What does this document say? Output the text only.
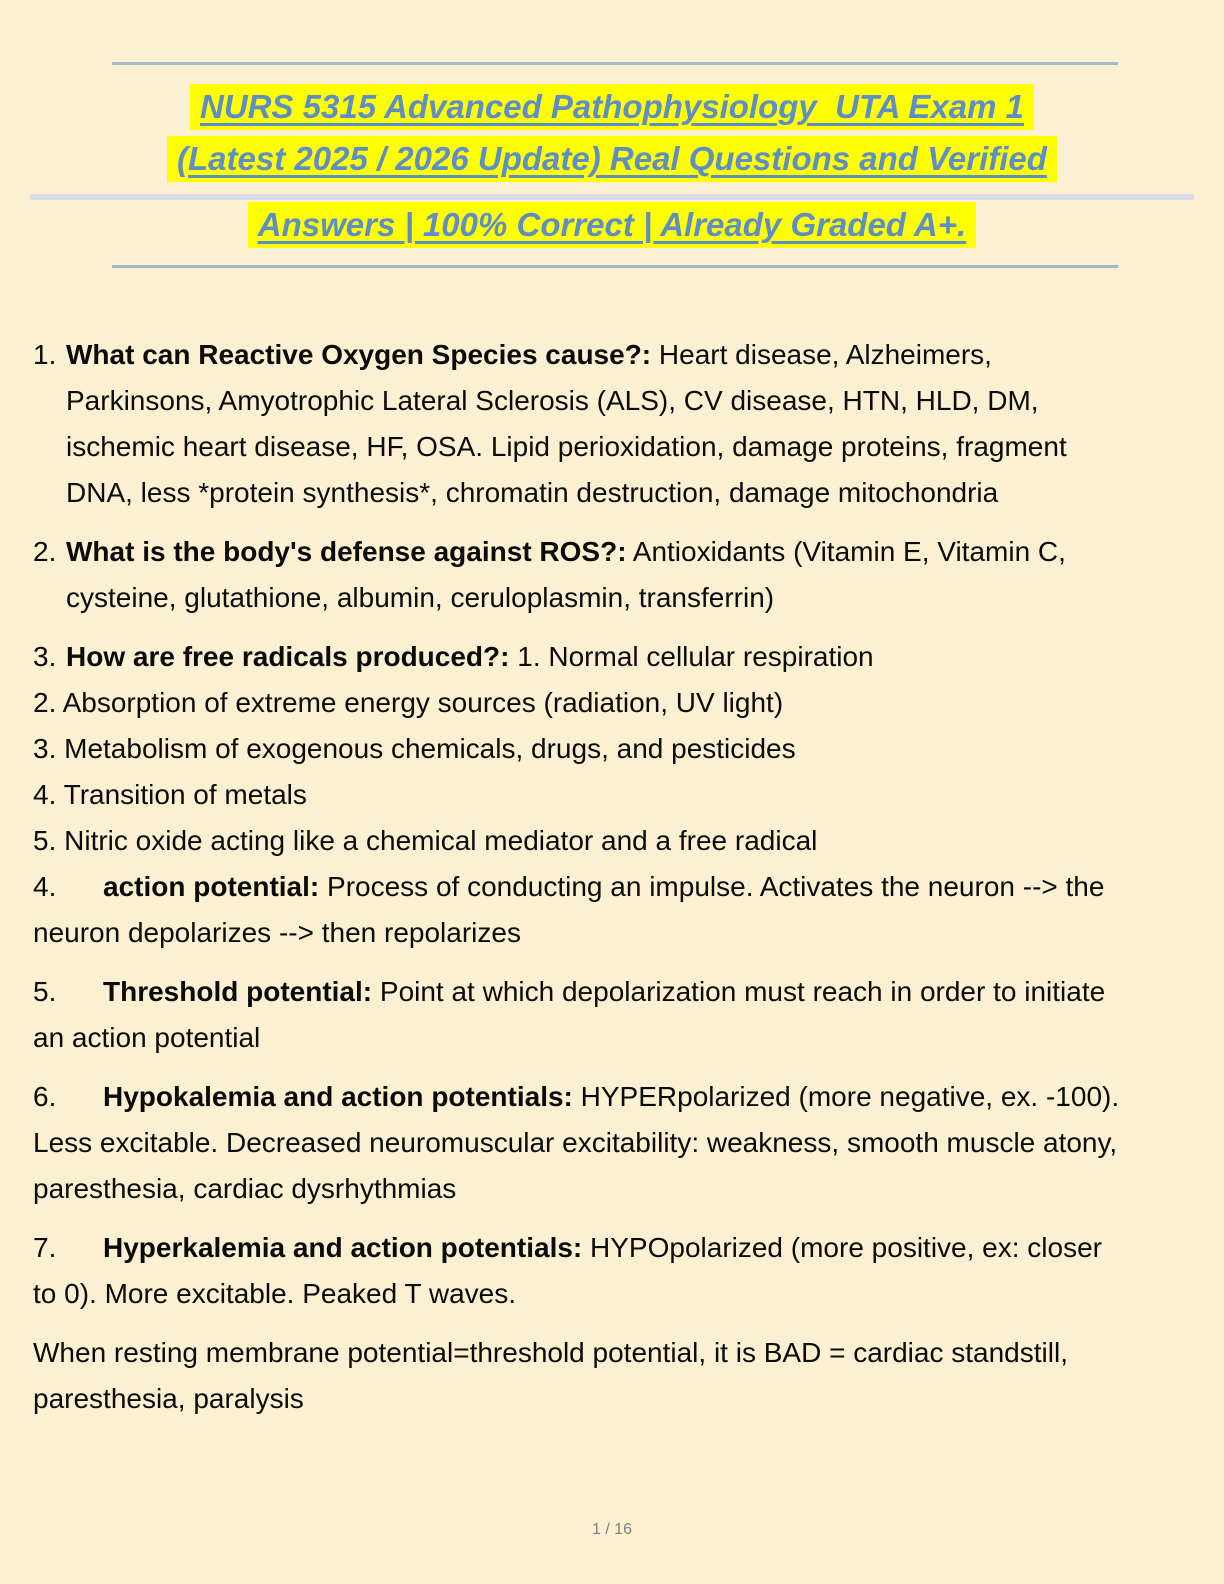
NURS 5315 Advanced Pathophysiology  UTA Exam 1
(Latest 2025 / 2026 Update) Real Questions and Verified
Answers | 100% Correct | Already Graded A+.

1. What can Reactive Oxygen Species cause?: Heart disease, Alzheimers, Parkinsons, Amyotrophic Lateral Sclerosis (ALS), CV disease, HTN, HLD, DM, ischemic heart disease, HF, OSA. Lipid perioxidation, damage proteins, fragment DNA, less *protein synthesis*, chromatin destruction, damage mitochondria

2. What is the body's defense against ROS?: Antioxidants (Vitamin E, Vitamin C, cysteine, glutathione, albumin, ceruloplasmin, transferrin)

3. How are free radicals produced?: 1. Normal cellular respiration

2. Absorption of extreme energy sources (radiation, UV light)

3. Metabolism of exogenous chemicals, drugs, and pesticides

4. Transition of metals

5. Nitric oxide acting like a chemical mediator and a free radical

4. action potential: Process of conducting an impulse. Activates the neuron --> the neuron depolarizes --> then repolarizes

5. Threshold potential: Point at which depolarization must reach in order to initiate an action potential

6. Hypokalemia and action potentials: HYPERpolarized (more negative, ex. -100). Less excitable. Decreased neuromuscular excitability: weakness, smooth muscle atony, paresthesia, cardiac dysrhythmias

7. Hyperkalemia and action potentials: HYPOpolarized (more positive, ex: closer to 0). More excitable. Peaked T waves.

When resting membrane potential=threshold potential, it is BAD = cardiac standstill, paresthesia, paralysis

1 / 16
